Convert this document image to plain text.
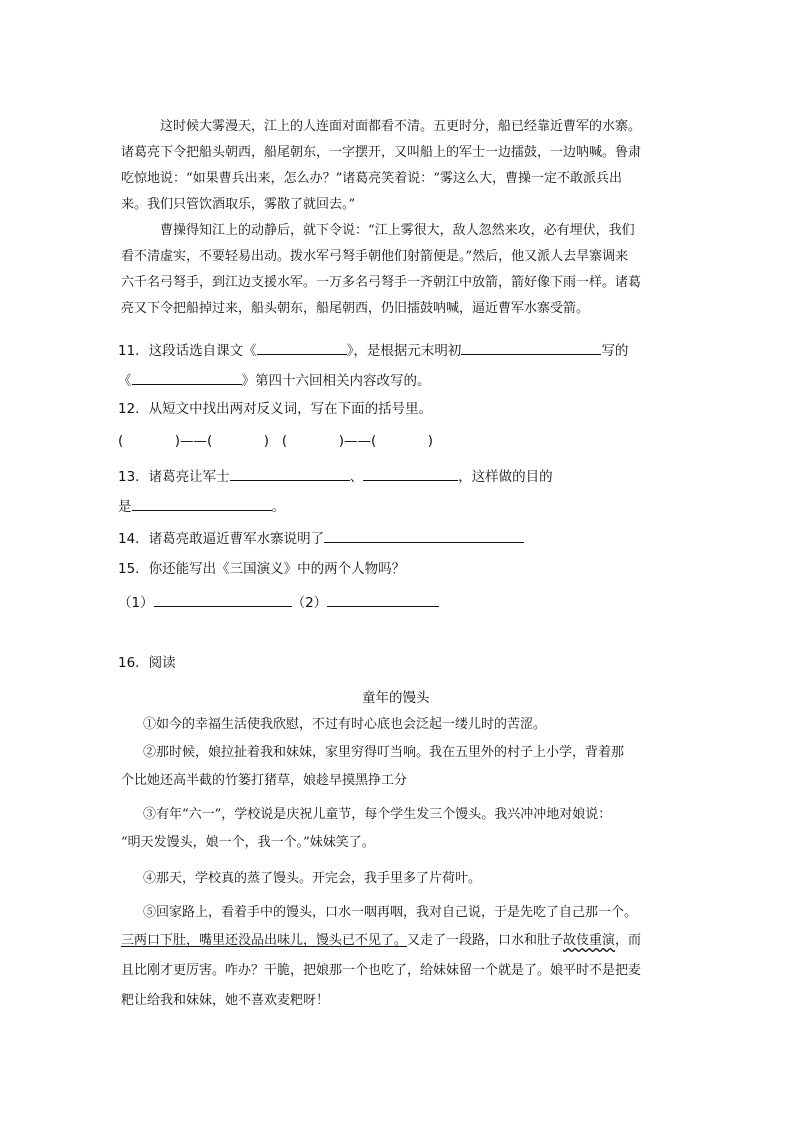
这时候大雾漫天，江上的人连面对面都看不清。五更时分，船已经靠近曹军的水寨。
诸葛亮下令把船头朝西，船尾朝东，一字摆开，又叫船上的军士一边擂鼓，一边呐喊。鲁肃
吃惊地说：“如果曹兵出来，怎么办？”诸葛亮笑着说：“雾这么大，曹操一定不敢派兵出
来。我们只管饮酒取乐，雾散了就回去。”
曹操得知江上的动静后，就下令说：“江上雾很大，敌人忽然来攻，必有埋伏，我们
看不清虚实，不要轻易出动。拨水军弓弩手朝他们射箭便是。”然后，他又派人去旱寨调来
六千名弓弩手，到江边支援水军。一万多名弓弩手一齐朝江中放箭，箭好像下雨一样。诸葛
亮又下令把船掉过来，船头朝东，船尾朝西，仍旧擂鼓呐喊，逼近曹军水寨受箭。
11．这段话选自课文《	》，是根据元末明初	写的
《	》第四十六回相关内容改写的。
12．从短文中找出两对反义词，写在下面的括号里。
(            )——(            )   (            )——(            )
13．诸葛亮让军士	、	，这样做的目的
是	。
14．诸葛亮敢逼近曹军水寨说明了
15．你还能写出《三国演义》中的两个人物吗？
（1）	（2）
16．阅读
童年的馒头
①如今的幸福生活使我欣慰，不过有时心底也会泛起一缕儿时的苦涩。
②那时候，娘拉扯着我和妹妹，家里穷得叮当响。我在五里外的村子上小学，背着那
个比她还高半截的竹篓打猪草，娘趁早摸黑挣工分
③有年“六一”，学校说是庆祝儿童节，每个学生发三个馒头。我兴冲冲地对娘说：
“明天发馒头，娘一个，我一个。”妹妹笑了。
④那天，学校真的蒸了馒头。开完会，我手里多了片荷叶。
⑤回家路上，看着手中的馒头，口水一咽再咽，我对自己说，于是先吃了自己那一个。
三两口下肚，嘴里还没品出味儿，馒头已不见了。又走了一段路，口水和肚子故伎重演，而
且比刚才更厉害。咋办？干脆，把娘那一个也吃了，给妹妹留一个就是了。娘平时不是把麦
粑让给我和妹妹，她不喜欢麦粑呀！
